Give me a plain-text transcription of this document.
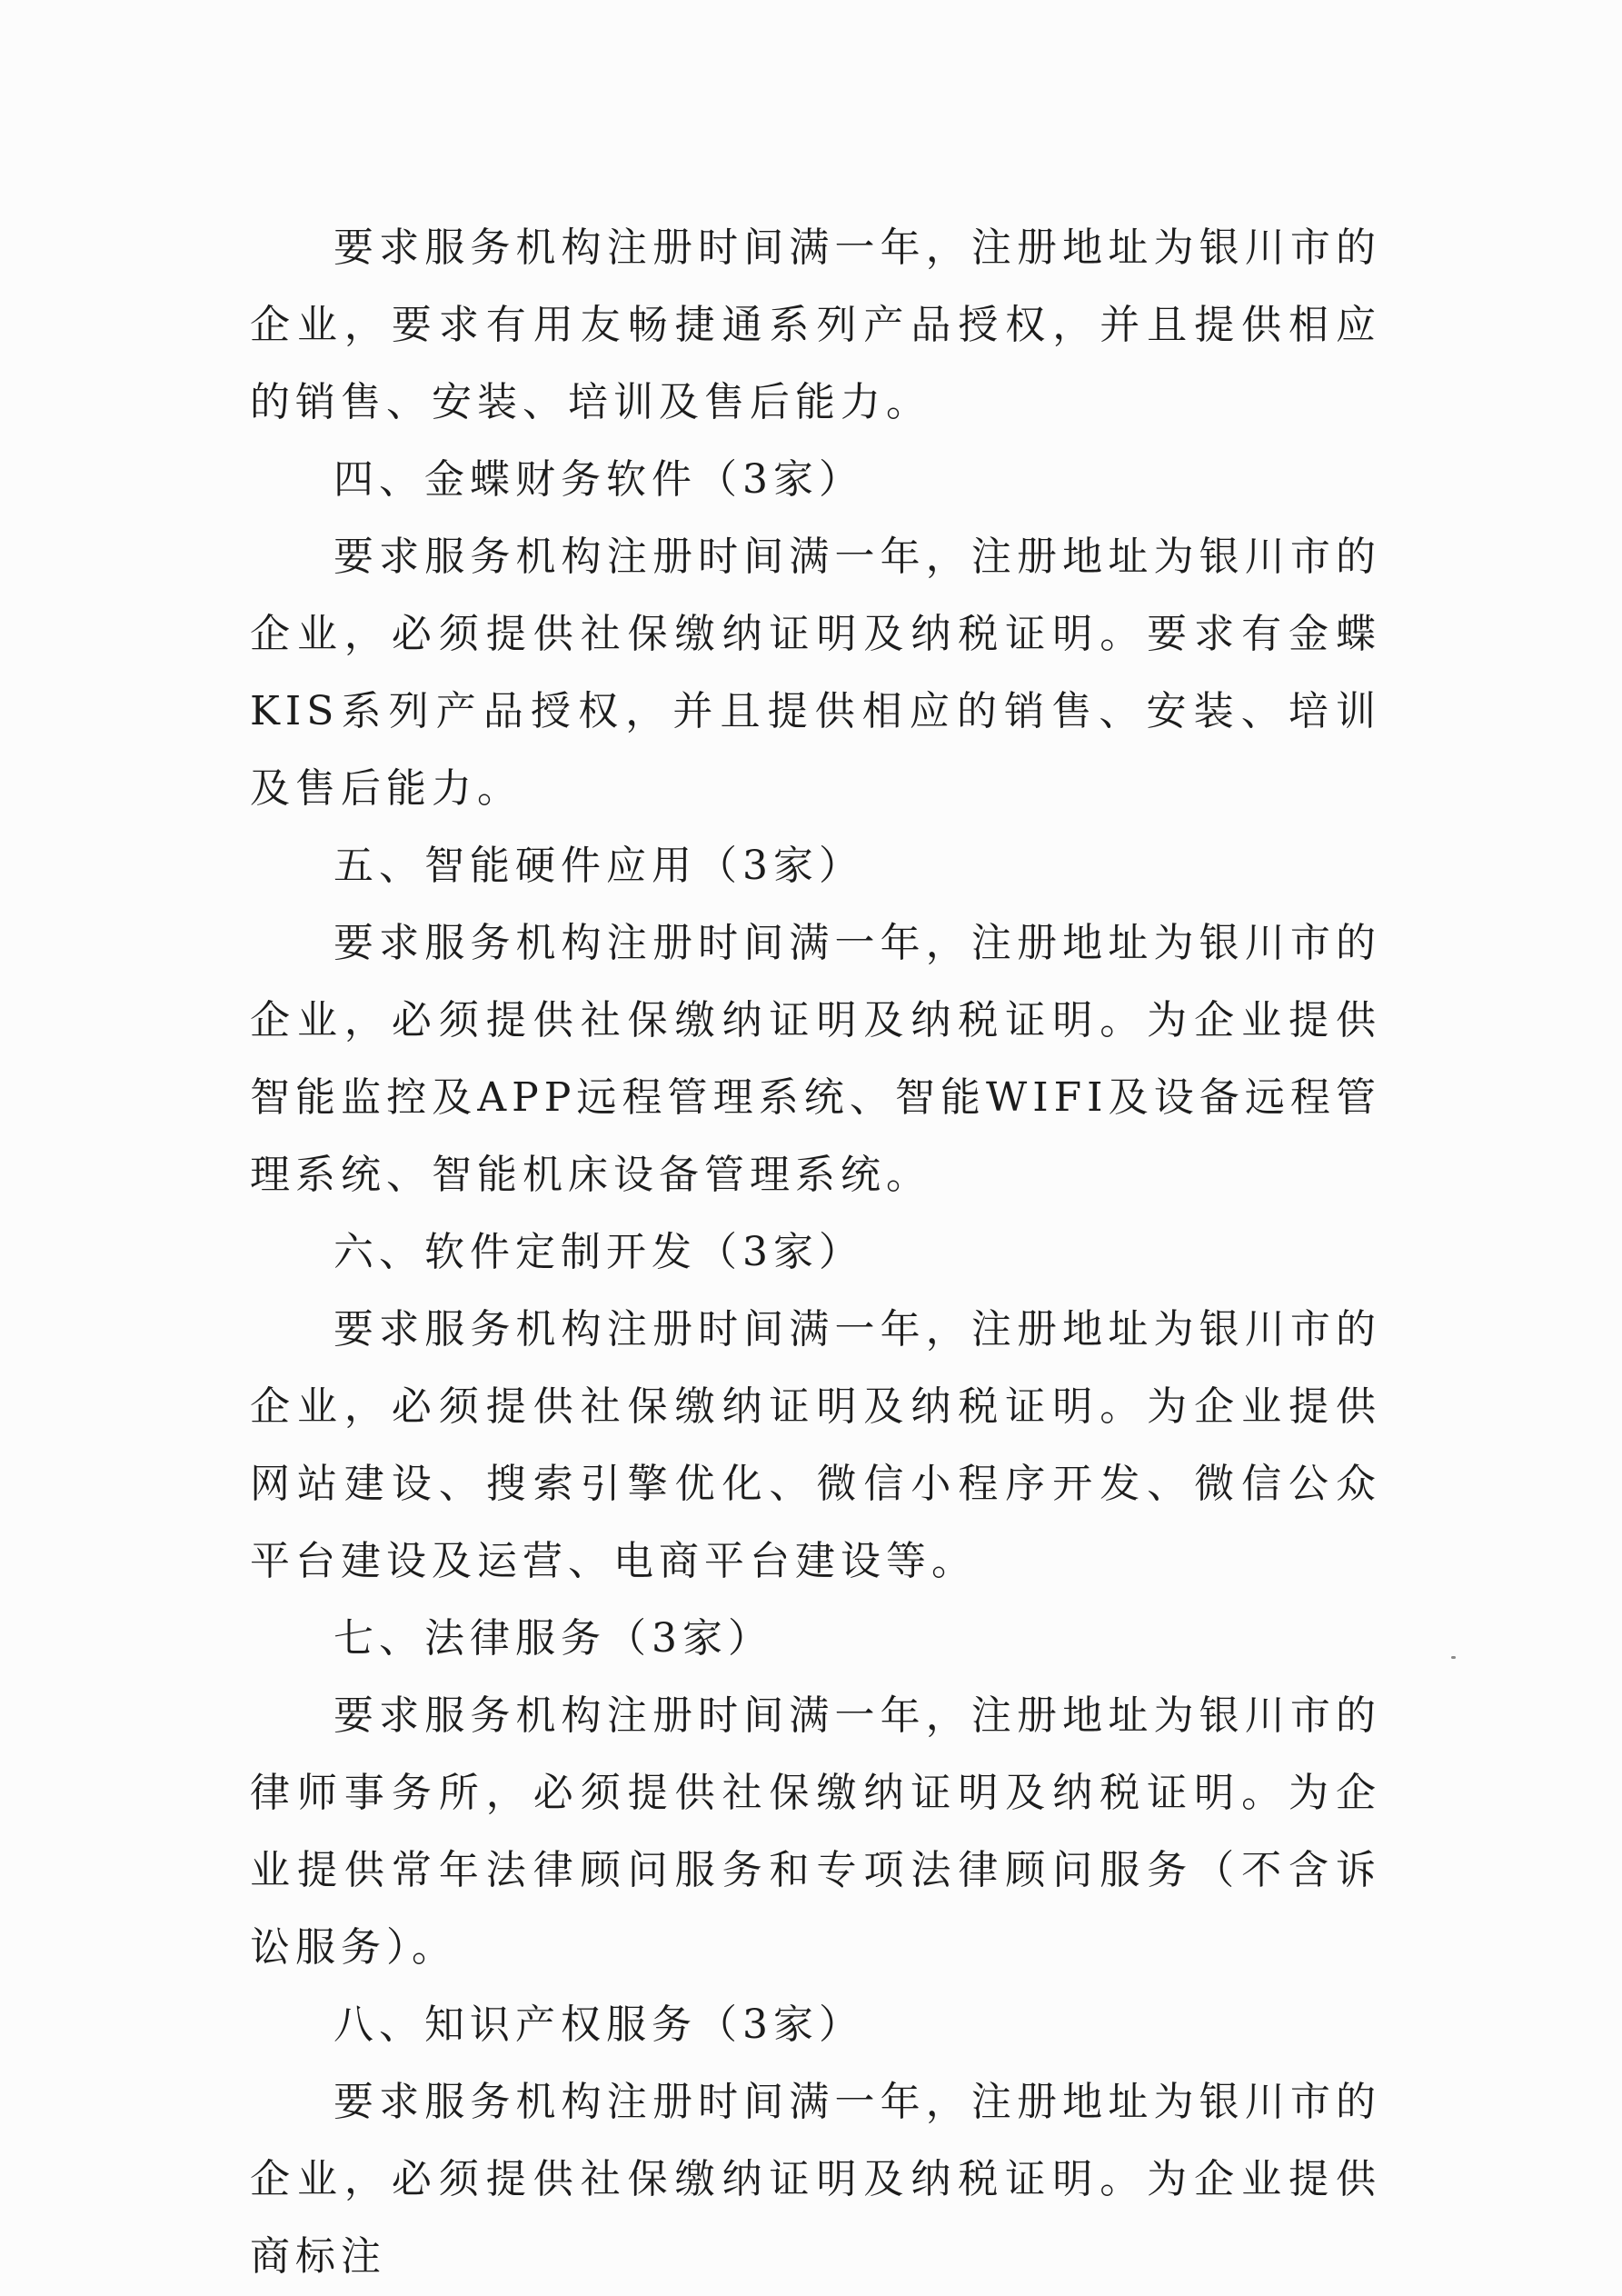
要求服务机构注册时间满一年，注册地址为银川市的企业，要求有用友畅捷通系列产品授权，并且提供相应的销售、安装、培训及售后能力。

四、金蝶财务软件（3家）

要求服务机构注册时间满一年，注册地址为银川市的企业，必须提供社保缴纳证明及纳税证明。要求有金蝶KIS系列产品授权，并且提供相应的销售、安装、培训及售后能力。

五、智能硬件应用（3家）

要求服务机构注册时间满一年，注册地址为银川市的企业，必须提供社保缴纳证明及纳税证明。为企业提供智能监控及APP远程管理系统、智能WIFI及设备远程管理系统、智能机床设备管理系统。

六、软件定制开发（3家）

要求服务机构注册时间满一年，注册地址为银川市的企业，必须提供社保缴纳证明及纳税证明。为企业提供网站建设、搜索引擎优化、微信小程序开发、微信公众平台建设及运营、电商平台建设等。

七、法律服务（3家）

要求服务机构注册时间满一年，注册地址为银川市的律师事务所，必须提供社保缴纳证明及纳税证明。为企业提供常年法律顾问服务和专项法律顾问服务（不含诉讼服务）。

八、知识产权服务（3家）

要求服务机构注册时间满一年，注册地址为银川市的企业，必须提供社保缴纳证明及纳税证明。为企业提供商标注
